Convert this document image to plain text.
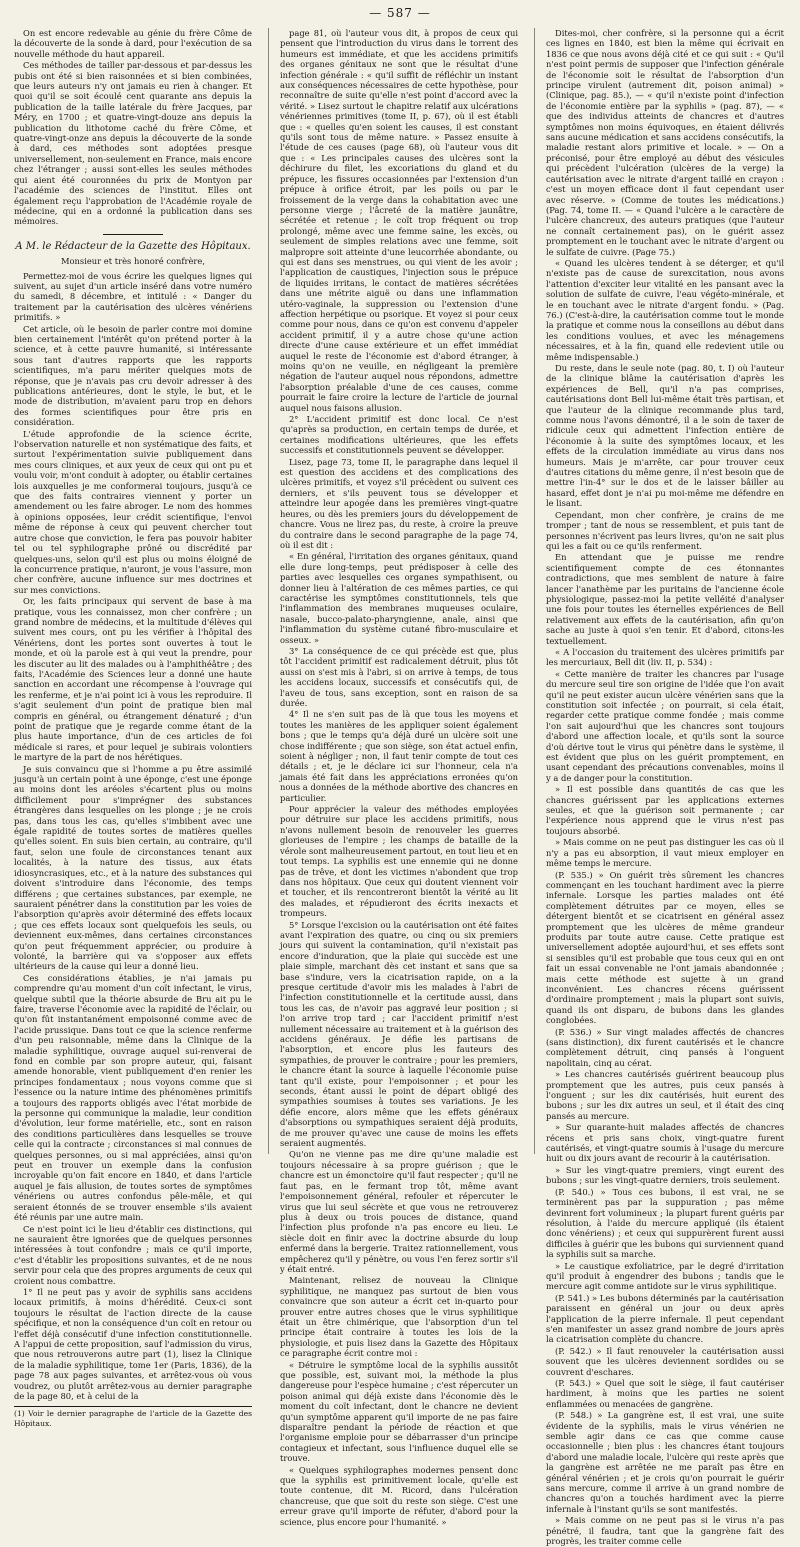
— 587 —

On est encore redevable au génie du frère Côme de la découverte de la sonde à dard, pour l'exécution de sa nouvelle méthode du haut appareil.

Ces méthodes de tailler par-dessous et par-dessus les pubis ont été si bien raisonnées et si bien combinées, que leurs auteurs n'y ont jamais eu rien à changer. Et quoi qu'il se soit écoulé cent quarante ans depuis la publication de la taille latérale du frère Jacques, par Méry, en 1700 ; et quatre-vingt-douze ans depuis la publication du lithotome caché du frère Côme, et quatre-vingt-onze ans depuis la découverte de la sonde à dard, ces méthodes sont adoptées presque universellement, non-seulement en France, mais encore chez l'étranger ; aussi sont-elles les seules méthodes qui aient été couronnées du prix de Montyon par l'académie des sciences de l'institut. Elles ont également reçu l'approbation de l'Académie royale de médecine, qui en a ordonné la publication dans ses mémoires.

A M. le Rédacteur de la Gazette des Hôpitaux.
Monsieur et très honoré confrère,

Permettez-moi de vous écrire les quelques lignes qui suivent, au sujet d'un article inséré dans votre numéro du samedi, 8 décembre, et intitulé : « Danger du traitement par la cautérisation des ulcères vénériens primitifs. »

Cet article, où le besoin de parler contre moi domine bien certainement l'intérêt qu'on prétend porter à la science, et à cette pauvre humanité, si intéressante sous tant d'autres rapports que les rapports scientifiques, m'a paru mériter quelques mots de réponse, que je n'avais pas cru devoir adresser à des publications antérieures, dont le style, le but, et le mode de distribution, m'avaient paru trop en dehors des formes scientifiques pour être pris en considération.

L'étude approfondie de la science écrite, l'observation naturelle et non systématique des faits, et surtout l'expérimentation suivie publiquement dans mes cours cliniques, et aux yeux de ceux qui ont pu et voulu voir, m'ont conduit à adopter, ou établir certaines lois auxquelles je me conformerai toujours, jusqu'à ce que des faits contraires viennent y porter un amendement ou les faire abroger. Le nom des hommes à opinions opposées, leur crédit scientifique, l'envoi même de réponse à ceux qui peuvent chercher tout autre chose que conviction, le fera pas pouvoir habiter tel ou tel syphilographe prôné ou discrédité par quelques-uns, selon qu'il est plus ou moins éloigné de la concurrence pratique, n'auront, je vous l'assure, mon cher confrère, aucune influence sur mes doctrines et sur mes convictions.

Or, les faits principaux qui servent de base à ma pratique, vous les connaissez, mon cher confrère ; un grand nombre de médecins, et la multitude d'élèves qui suivent mes cours, ont pu les vérifier à l'hôpital des Vénériens, dont les portes sont ouvertes à tout le monde, et où la parole est à qui veut la prendre, pour les discuter au lit des malades ou à l'amphithéâtre ; des faits, l'Académie des Sciences leur a donné une haute sanction en accordant une récompense à l'ouvrage qui les renferme, et je n'ai point ici à vous les reproduire. Il s'agit seulement d'un point de pratique bien mal compris en général, ou étrangement dénaturé ; d'un point de pratique que je regarde comme étant de la plus haute importance, d'un de ces articles de foi médicale si rares, et pour lequel je subirais volontiers le martyre de la part de nos hérétiques.

Je suis convaincu que si l'homme a pu être assimilé jusqu'à un certain point à une éponge, c'est une éponge au moins dont les aréoles s'écartent plus ou moins difficilement pour s'imprégner des substances étrangères dans lesquelles on les plonge ; je ne crois pas, dans tous les cas, qu'elles s'imbibent avec une égale rapidité de toutes sortes de matières quelles qu'elles soient. En suis bien certain, au contraire, qu'il faut, selon une foule de circonstances tenant aux localités, à la nature des tissus, aux états idiosyncrasiques, etc., et à la nature des substances qui doivent s'introduire dans l'économie, des temps différens ; que certaines substances, par exemple, ne sauraient pénétrer dans la constitution par les voies de l'absorption qu'après avoir déterminé des effets locaux ; que ces effets locaux sont quelquefois les seuls, ou deviennent eux-mêmes, dans certaines circonstances qu'on peut fréquemment apprécier, ou produire à volonté, la barrière qui va s'opposer aux effets ultérieurs de la cause qui leur a donné lieu.

Ces considérations établies, je n'ai jamais pu comprendre qu'au moment d'un coït infectant, le virus, quelque subtil que la théorie absurde de Bru ait pu le faire, traverse l'économie avec la rapidité de l'éclair, ou qu'on fût instantanément empoisonné comme avec de l'acide prussique. Dans tout ce que la science renferme d'un peu raisonnable, même dans la Clinique de la maladie syphilitique, ouvrage auquel sui-renverai de fond en comble par son propre auteur, qui, faisant amende honorable, vient publiquement d'en renier les principes fondamentaux ; nous voyons comme que si l'essence ou la nature intime des phénomènes primitifs a toujours des rapports obligés avec l'état morbide de la personne qui communique la maladie, leur condition d'évolution, leur forme matérielle, etc., sont en raison des conditions particulières dans lesquelles se trouve celle qui la contracte ; circonstances si mal connues de quelques personnes, ou si mal appréciées, ainsi qu'on peut en trouver un exemple dans la confusion incroyable qu'on fait encore en 1840, et dans l'article auquel je fais allusion, de toutes sortes de symptômes vénériens ou autres confondus pêle-mêle, et qui seraient étonnés de se trouver ensemble s'ils avaient été réunis par une autre main.

Ce n'est point ici le lieu d'établir ces distinctions, qui ne sauraient être ignorées que de quelques personnes intéressées à tout confondre ; mais ce qu'il importe, c'est d'établir les propositions suivantes, et de ne nous servir pour cela que des propres arguments de ceux qui croient nous combattre.

1° Il ne peut pas y avoir de syphilis sans accidens locaux primitifs, à moins d'hérédité. Ceux-ci sont toujours le résultat de l'action directe de la cause spécifique, et non la conséquence d'un coït en retour ou l'effet déjà consécutif d'une infection constitutionnelle. A l'appui de cette proposition, sauf l'admission du virus, que nous retrouverons autre part (1), lisez la Clinique de la maladie syphilitique, tome 1er (Paris, 1836), de la page 78 aux pages suivantes, et arrêtez-vous où vous voudrez, ou plutôt arrêtez-vous au dernier paragraphe de la page 80, et à celui de la

(1) Voir le dernier paragraphe de l'article de la Gazette des Hôpitaux.

page 81, où l'auteur vous dit, à propos de ceux qui pensent que l'introduction du virus dans le torrent des humeurs est immédiate, et que les accidens primitifs des organes génitaux ne sont que le résultat d'une infection générale : « qu'il suffit de réfléchir un instant aux conséquences nécessaires de cette hypothèse, pour reconnaître de suite qu'elle n'est point d'accord avec la vérité. » Lisez surtout le chapitre relatif aux ulcérations vénériennes primitives (tome II, p. 67), où il est établi que : « quelles qu'en soient les causes, il est constant qu'ils sont tous de même nature. » Passez ensuite à l'étude de ces causes (page 68), où l'auteur vous dit que : « Les principales causes des ulcères sont la déchirure du filet, les excoriations du gland et du prépuce, les fissures occasionnées par l'extension d'un prépuce à orifice étroit, par les poils ou par le froissement de la verge dans la cohabitation avec une personne vierge ; l'âcreté de la matière jaunâtre, sécrétée et retenue ; le coït trop fréquent ou trop prolongé, même avec une femme saine, les excès, ou seulement de simples relations avec une femme, soit malpropre soit atteinte d'une leucorrhée abondante, ou qui est dans ses menstrues, ou qui vient de les avoir ; l'application de caustiques, l'injection sous le prépuce de liquides irritans, le contact de matières sécrétées dans une métrite aiguë ou dans une inflammation utéro-vaginale, la suppression ou l'extension d'une affection herpétique ou psorique. Et voyez si pour ceux comme pour nous, dans ce qu'on est convenu d'appeler accident primitif, il y a autre chose qu'une action directe d'une cause extérieure et un effet immédiat auquel le reste de l'économie est d'abord étranger, à moins qu'on ne veuille, en négligeant la première négation de l'auteur auquel nous répondons, admettre l'absorption préalable d'une de ces causes, comme pourrait le faire croire la lecture de l'article de journal auquel nous faisons allusion.

2° L'accident primitif est donc local. Ce n'est qu'après sa production, en certain temps de durée, et certaines modifications ultérieures, que les effets successifs et constitutionnels peuvent se développer.

Lisez, page 73, tome II, le paragraphe dans lequel il est question des accidens et des complications des ulcères primitifs, et voyez s'il précèdent ou suivent ces derniers, et s'ils peuvent tous se développer et atteindre leur apogée dans les premières vingt-quatre heures, ou dès les premiers jours du développement de chancre. Vous ne lirez pas, du reste, à croire la preuve du contraire dans le second paragraphe de la page 74, où il est dit :

« En général, l'irritation des organes génitaux, quand elle dure long-temps, peut prédisposer à celle des parties avec lesquelles ces organes sympathisent, ou donner lieu à l'altération de ces mêmes parties, ce qui caractérise les symptômes constitutionnels, tels que l'inflammation des membranes muqueuses oculaire, nasale, bucco-palato-pharyngienne, anale, ainsi que l'inflammation du système cutané fibro-musculaire et osseux. »

3° La conséquence de ce qui précède est que, plus tôt l'accident primitif est radicalement détruit, plus tôt aussi on s'est mis à l'abri, si on arrive à temps, de tous les accidens locaux, successifs et consécutifs qui, de l'aveu de tous, sans exception, sont en raison de sa durée.

4° Il ne s'en suit pas de là que tous les moyens et toutes les manières de les appliquer soient également bons ; que le temps qu'a déjà duré un ulcère soit une chose indifférente ; que son siège, son état actuel enfin, soient à négliger ; non, il faut tenir compte de tout ces détails ; et, je le déclare ici sur l'honneur, cela n'a jamais été fait dans les appréciations erronées qu'on nous a données de la méthode abortive des chancres en particulier.

Pour apprécier la valeur des méthodes employées pour détruire sur place les accidens primitifs, nous n'avons nullement besoin de renouveler les guerres glorieuses de l'empire ; les champs de bataille de la vérole sont malheureusement partout, en tout lieu et en tout temps. La syphilis est une ennemie qui ne donne pas de trêve, et dont les victimes n'abondent que trop dans nos hôpitaux. Que ceux qui doutent viennent voir et toucher, et ils rencontreront bientôt la vérité au lit des malades, et répudieront des écrits inexacts et trompeurs.

5° Lorsque l'excision ou la cautérisation ont été faites avant l'expiration des quatre, ou cinq ou six premiers jours qui suivent la contamination, qu'il n'existait pas encore d'induration, que la plaie qui succède est une plaie simple, marchant dès cet instant et sans que sa base s'indure, vers la cicatrisation rapide, on a la presque certitude d'avoir mis les malades à l'abri de l'infection constitutionnelle et la certitude aussi, dans tous les cas, de n'avoir pas aggravé leur position ; si l'on arrive trop tard ; car l'accident primitif n'est nullement nécessaire au traitement et à la guérison des accidens généraux. Je défie les partisans de l'absorption, et encore plus les fauteurs des sympathies, de prouver le contraire ; pour les premiers, le chancre étant la source à laquelle l'économie puise tant qu'il existe, pour l'empoisonner ; et pour les seconds, étant aussi le point de départ obligé des sympathies soumises à toutes ses variations. Je les défie encore, alors même que les effets généraux d'absorptions ou sympathiques seraient déjà produits, de me prouver qu'avec une cause de moins les effets seraient augmentés.

Qu'on ne vienne pas me dire qu'une maladie est toujours nécessaire à sa propre guérison ; que le chancre est un émonctoire qu'il faut respecter ; qu'il ne faut pas, en le fermant trop tôt, même avant l'empoisonnement général, refouler et répercuter le virus que lui seul sécrète et que vous ne retrouverez plus à deux ou trois pouces de distance, quand l'infection plus profonde n'a pas encore eu lieu. Le siècle doit en finir avec la doctrine absurde du loup enfermé dans la bergerie. Traitez rationnellement, vous empêcherez qu'il y pénètre, ou vous l'en ferez sortir s'il y était entré.

Maintenant, relisez de nouveau la Clinique syphilitique, ne manquez pas surtout de bien vous convaincre que son auteur a écrit cet in-quarto pour prouver entre autres choses que le virus syphilitique était un être chimérique, que l'absorption d'un tel principe était contraire à toutes les lois de la physiologie, et puis lisez dans la Gazette des Hôpitaux ce paragraphe écrit contre moi :

« Détruire le symptôme local de la syphilis aussitôt que possible, est, suivant moi, la méthode la plus dangereuse pour l'espèce humaine ; c'est répercuter un poison animal qui déjà existe dans l'économie dès le moment du coït infectant, dont le chancre ne devient qu'un symptôme apparent qu'il importe de ne pas faire disparaître pendant la période de réaction et que l'organisme emploie pour se débarrasser d'un principe contagieux et infectant, sous l'influence duquel elle se trouve.

« Quelques syphilographes modernes pensent donc que la syphilis est primitivement locale, qu'elle est toute contenue, dit M. Ricord, dans l'ulcération chancreuse, que que soit du reste son siège. C'est une erreur grave qu'il importe de réfuter, d'abord pour la science, plus encore pour l'humanité. »

Dites-moi, cher confrère, si la personne qui a écrit ces lignes en 1840, est bien la même qui écrivait en 1836 ce que nous avons déjà cité et ce qui suit : « Qu'il n'est point permis de supposer que l'infection générale de l'économie soit le résultat de l'absorption d'un principe virulent (autrement dit, poison animal) » (Clinique, pag. 85.), — « qu'il n'existe point d'infection de l'économie entière par la syphilis » (pag. 87), — « que des individus atteints de chancres et d'autres symptômes non moins équivoques, en étaient délivrés sans aucune médication et sans accidens consécutifs, la maladie restant alors primitive et locale. » — On a préconisé, pour être employé au début des vésicules qui précèdent l'ulcération (ulcères de la verge) la cautérisation avec le nitrate d'argent taillé en crayon : c'est un moyen efficace dont il faut cependant user avec réserve. » (Comme de toutes les médications.) (Pag. 74, tome II. — « Quand l'ulcère a le caractère de l'ulcère chancreux, des auteurs pratiques (que l'auteur ne connaît certainement pas), on le guérit assez promptement en le touchant avec le nitrate d'argent ou le sulfate de cuivre. (Page 75.)

« Quand les ulcères tendent à se déterger, et qu'il n'existe pas de cause de surexcitation, nous avons l'attention d'exciter leur vitalité en les pansant avec la solution de sulfate de cuivre, l'eau végéto-minérale, et le en touchant avec le nitrate d'argent fondu. » (Pag. 76.) (C'est-à-dire, la cautérisation comme tout le monde la pratique et comme nous la conseillons au début dans les conditions voulues, et avec les ménagemens nécessaires, et à la fin, quand elle redevient utile ou même indispensable.)

Du reste, dans le seule note (pag. 80, t. I) où l'auteur de la clinique blâme la cautérisation d'après les expériences de Bell, qu'il n'a pas comprises, cautérisations dont Bell lui-même était très partisan, et que l'auteur de la clinique recommande plus tard, comme nous l'avons démontré, il a le soin de taxer de ridicule ceux qui admettent l'infection entière de l'économie à la suite des symptômes locaux, et les effets de la circulation immédiate au virus dans nos humeurs. Mais je m'arrête, car pour trouver ceux d'autres citations du même genre, il n'est besoin que de mettre l'in-4° sur le dos et de le laisser bâiller au hasard, effet dont je n'ai pu moi-même me défendre en le lisant.

Cependant, mon cher confrère, je crains de me tromper ; tant de nous se ressemblent, et puis tant de personnes n'écrivent pas leurs livres, qu'on ne sait plus qui les a fait ou ce qu'ils renferment.

En attendant que je puisse me rendre scientifiquement compte de ces étonnantes contradictions, que mes semblent de nature à faire lancer l'anathème par les puritains de l'ancienne école physiologique, passez-moi la petite velléité d'analyser une fois pour toutes les éternelles expériences de Bell relativement aux effets de la cautérisation, afin qu'on sache au juste à quoi s'en tenir. Et d'abord, citons-les textuellement.

« A l'occasion du traitement des ulcères primitifs par les mercuriaux, Bell dit (liv. II, p. 534) :

« Cette manière de traiter les chancres par l'usage du mercure seul tire son origine de l'idée que l'on avait qu'il ne peut exister aucun ulcère vénérien sans que la constitution soit infectée ; on pourrait, si cela était, regarder cette pratique comme fondée ; mais comme l'on sait aujourd'hui que les chancres sont toujours d'abord une affection locale, et qu'ils sont la source d'où dérive tout le virus qui pénètre dans le système, il est évident que plus on les guérit promptement, en usant cependant des précautions convenables, moins il y a de danger pour la constitution.

» Il est possible dans quantités de cas que les chancres guérissent par les applications externes seules, et que la guérison soit permanente ; car l'expérience nous apprend que le virus n'est pas toujours absorbé.

» Mais comme on ne peut pas distinguer les cas où il n'y a pas eu absorption, il vaut mieux employer en même temps le mercure.

(P. 535.) » On guérit très sûrement les chancres commençant en les touchant hardiment avec la pierre infernale. Lorsque les parties malades ont été complètement détruites par ce moyen, elles se détergent bientôt et se cicatrisent en général assez promptement que les ulcères de même grandeur produits par toute autre cause. Cette pratique est universellement adoptée aujourd'hui, et ses effets sont si sensibles qu'il est probable que tous ceux qui en ont fait un essai convenable ne l'ont jamais abandonnée ; mais cette méthode est sujette à un grand inconvénient. Les chancres récens guérissent d'ordinaire promptement ; mais la plupart sont suivis, quand ils ont disparu, de bubons dans les glandes conglobées.

(P. 536.) » Sur vingt malades affectés de chancres (sans distinction), dix furent cautérisés et le chancre complètement détruit, cinq pansés à l'onguent napolitain, cinq au cérat.

» Les chancres cautérisés guérirent beaucoup plus promptement que les autres, puis ceux pansés à l'onguent ; sur les dix cautérisés, huit eurent des bubons ; sur les dix autres un seul, et il était des cinq pansés au mercure.

» Sur quarante-huit malades affectés de chancres récens et pris sans choix, vingt-quatre furent cautérisés, et vingt-quatre soumis à l'usage du mercure huit ou dix jours avant de recourir à la cautérisation.

» Sur les vingt-quatre premiers, vingt eurent des bubons ; sur les vingt-quatre derniers, trois seulement.

(P. 540.) » Tous ces bubons, il est vrai, ne se terminèrent pas par la suppuration ; pas même devinrent fort volumineux ; la plupart furent guéris par résolution, à l'aide du mercure appliqué (ils étaient donc vénériens) ; et ceux qui suppurèrent furent aussi difficiles à guérir que les bubons qui surviennent quand la syphilis suit sa marche.

» Le caustique exfoliatrice, par le degré d'irritation qu'il produit à engendrer des bubons ; tandis que le mercure agit comme antidote sur le virus syphilitique.

(P. 541.) » Les bubons déterminés par la cautérisation paraissent en général un jour ou deux après l'application de la pierre infernale. Il peut cependant s'en manifester un assez grand nombre de jours après la cicatrisation complète du chancre.

(P. 542.) » Il faut renouveler la cautérisation aussi souvent que les ulcères deviennent sordides ou se couvrent d'eschares.

(P. 543.) » Quel que soit le siège, il faut cautériser hardiment, à moins que les parties ne soient enflammées ou menacées de gangrène.

(P. 548.) » La gangrène est, il est vrai, une suite évidente de la syphilis, mais le virus vénérien ne semble agir dans ce cas que comme cause occasionnelle ; bien plus : les chancres étant toujours d'abord une maladie locale, l'ulcère qui reste après que la gangrène est arrêtée ne me paraît pas être en général vénérien ; et je crois qu'on pourrait le guérir sans mercure, comme il arrive à un grand nombre de chancres qu'on a touchés hardiment avec la pierre infernale à l'instant qu'ils se sont manifestés.

» Mais comme on ne peut pas si le virus n'a pas pénétré, il faudra, tant que la gangrène fait des progrès, les traiter comme celle
